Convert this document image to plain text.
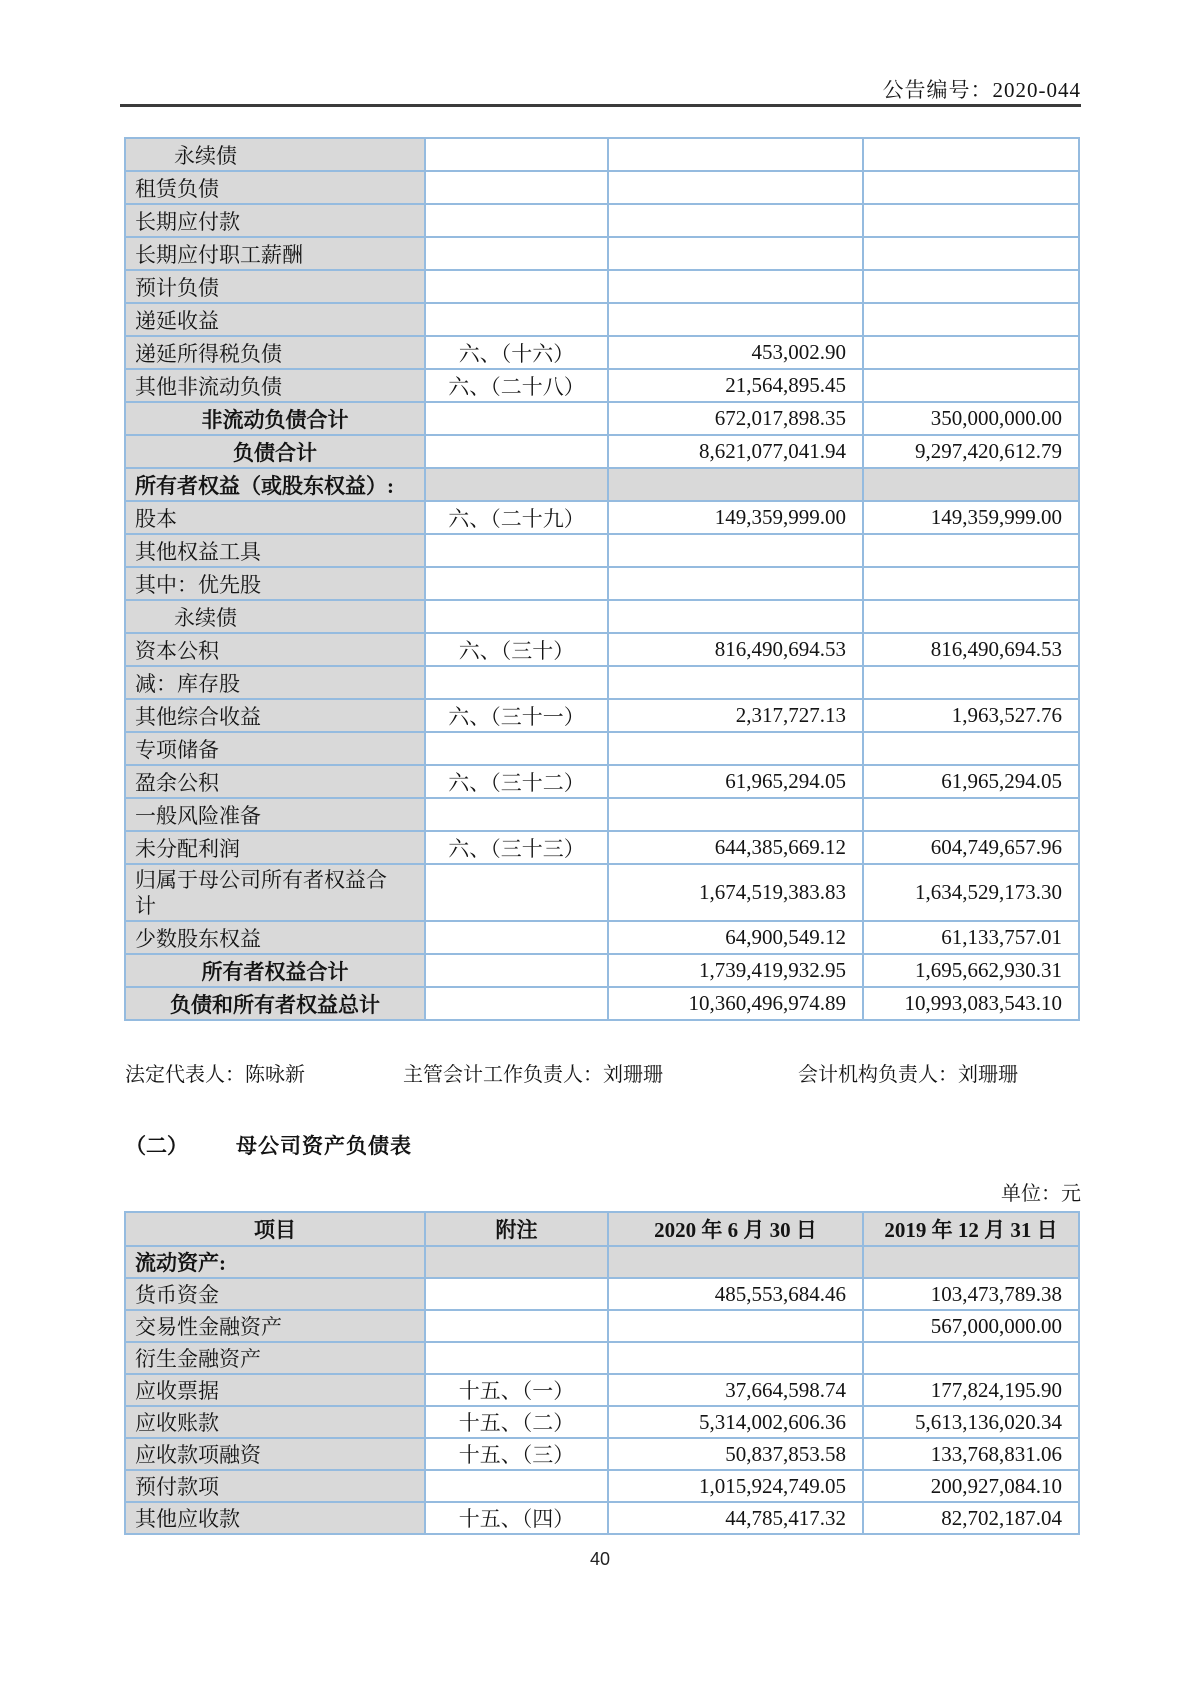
公告编号：2020-044
永续债			
租赁负债			
长期应付款			
长期应付职工薪酬			
预计负债			
递延收益			
递延所得税负债	六、（十六）	453,002.90	
其他非流动负债	六、（二十八）	21,564,895.45	
非流动负债合计		672,017,898.35	350,000,000.00
负债合计		8,621,077,041.94	9,297,420,612.79
所有者权益（或股东权益）:			
股本	六、（二十九）	149,359,999.00	149,359,999.00
其他权益工具			
其中：优先股			
永续债			
资本公积	六、（三十）	816,490,694.53	816,490,694.53
减：库存股			
其他综合收益	六、（三十一）	2,317,727.13	1,963,527.76
专项储备			
盈余公积	六、（三十二）	61,965,294.05	61,965,294.05
一般风险准备			
未分配利润	六、（三十三）	644,385,669.12	604,749,657.96
归属于母公司所有者权益合计		1,674,519,383.83	1,634,529,173.30
少数股东权益		64,900,549.12	61,133,757.01
所有者权益合计		1,739,419,932.95	1,695,662,930.31
负债和所有者权益总计		10,360,496,974.89	10,993,083,543.10
法定代表人：陈咏新	主管会计工作负责人：刘珊珊	会计机构负责人：刘珊珊
（二） 母公司资产负债表
单位：元
项目	附注	2020 年 6 月 30 日	2019 年 12 月 31 日
流动资产:			
货币资金		485,553,684.46	103,473,789.38
交易性金融资产			567,000,000.00
衍生金融资产			
应收票据	十五、（一）	37,664,598.74	177,824,195.90
应收账款	十五、（二）	5,314,002,606.36	5,613,136,020.34
应收款项融资	十五、（三）	50,837,853.58	133,768,831.06
预付款项		1,015,924,749.05	200,927,084.10
其他应收款	十五、（四）	44,785,417.32	82,702,187.04
40
